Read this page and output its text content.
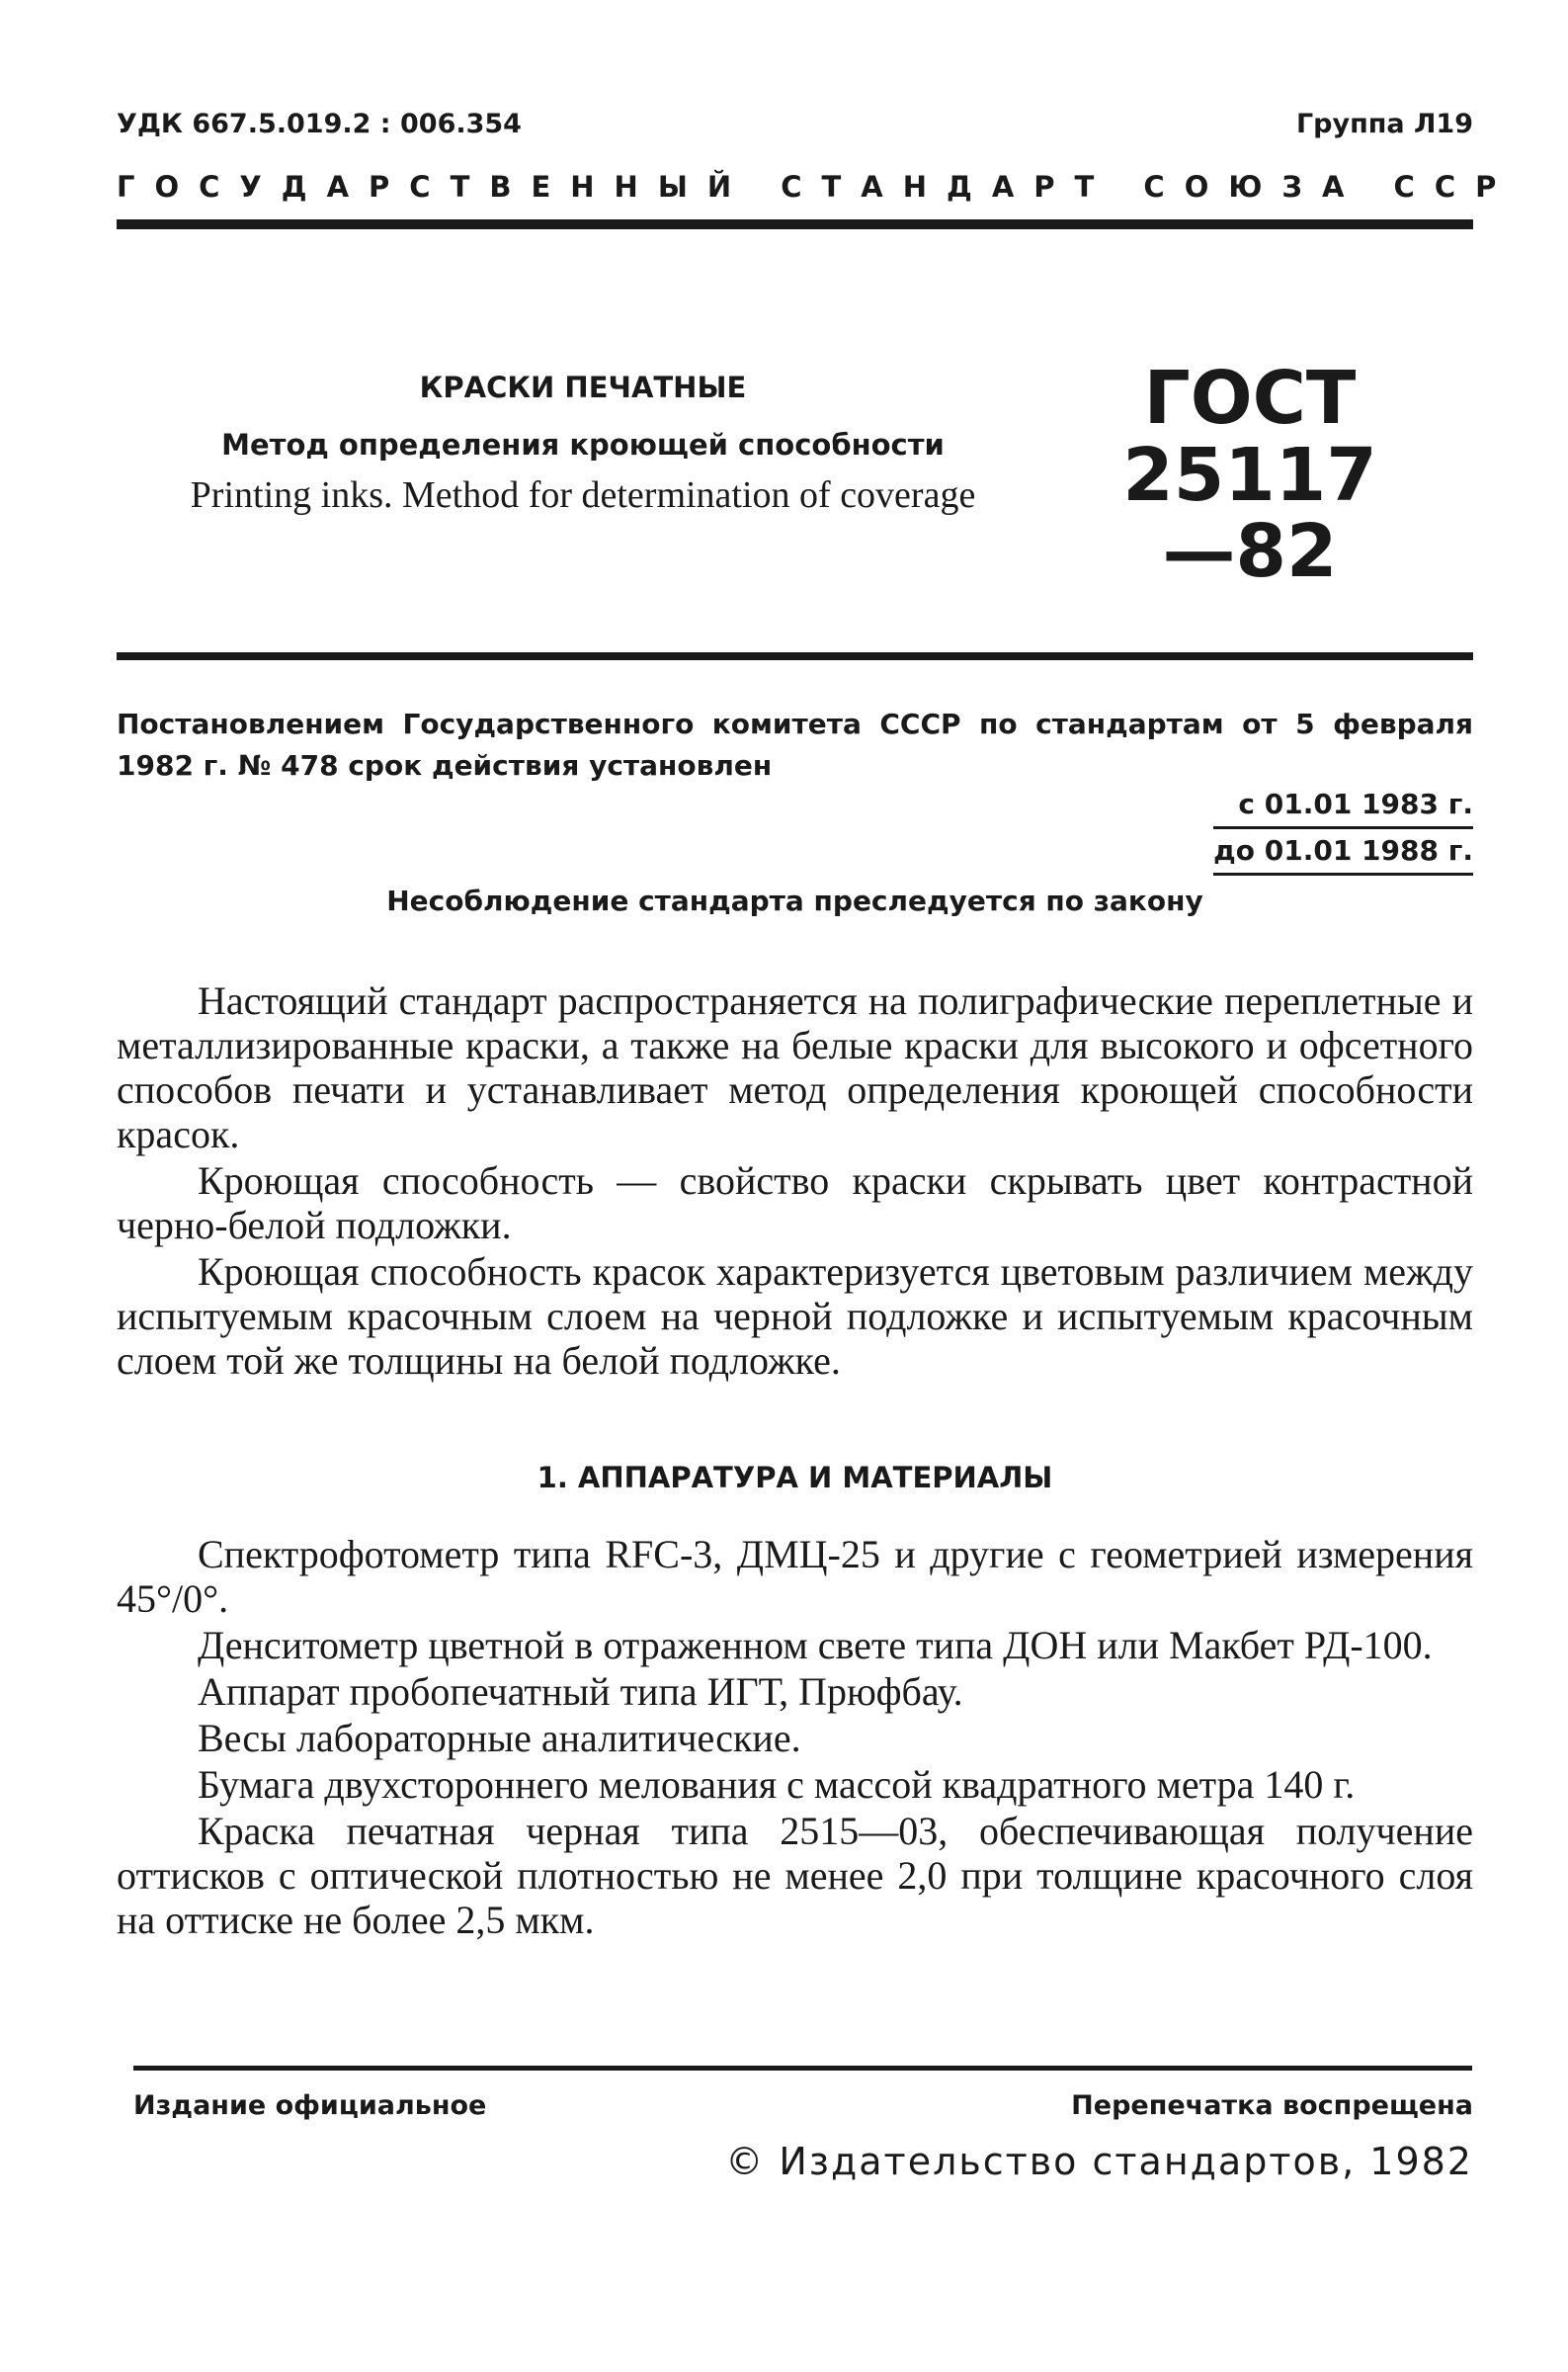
УДК 667.5.019.2 : 006.354	Группа Л19
ГОСУДАРСТВЕННЫЙ СТАНДАРТ СОЮЗА ССР
КРАСКИ ПЕЧАТНЫЕ
Метод определения кроющей способности
Printing inks. Method for determination of coverage
ГОСТ
25117—82
Постановлением Государственного комитета СССР по стандартам от 5 февраля 1982 г. № 478 срок действия установлен
с 01.01 1983 г.
до 01.01 1988 г.
Несоблюдение стандарта преследуется по закону

Настоящий стандарт распространяется на полиграфические переплетные и металлизированные краски, а также на белые краски для высокого и офсетного способов печати и устанавливает метод определения кроющей способности красок.

Кроющая способность — свойство краски скрывать цвет контрастной черно-белой подложки.

Кроющая способность красок характеризуется цветовым различием между испытуемым красочным слоем на черной подложке и испытуемым красочным слоем той же толщины на белой подложке.

1. АППАРАТУРА И МАТЕРИАЛЫ

Спектрофотометр типа RFC-3, ДМЦ-25 и другие с геометрией измерения 45°/0°.

Денситометр цветной в отраженном свете типа ДОН или Макбет РД-100.

Аппарат пробопечатный типа ИГТ, Прюфбау.

Весы лабораторные аналитические.

Бумага двухстороннего мелования с массой квадратного метра 140 г.

Краска печатная черная типа 2515—03, обеспечивающая получение оттисков с оптической плотностью не менее 2,0 при толщине красочного слоя на оттиске не более 2,5 мкм.

Издание официальное	Перепечатка воспрещена
© Издательство стандартов, 1982
